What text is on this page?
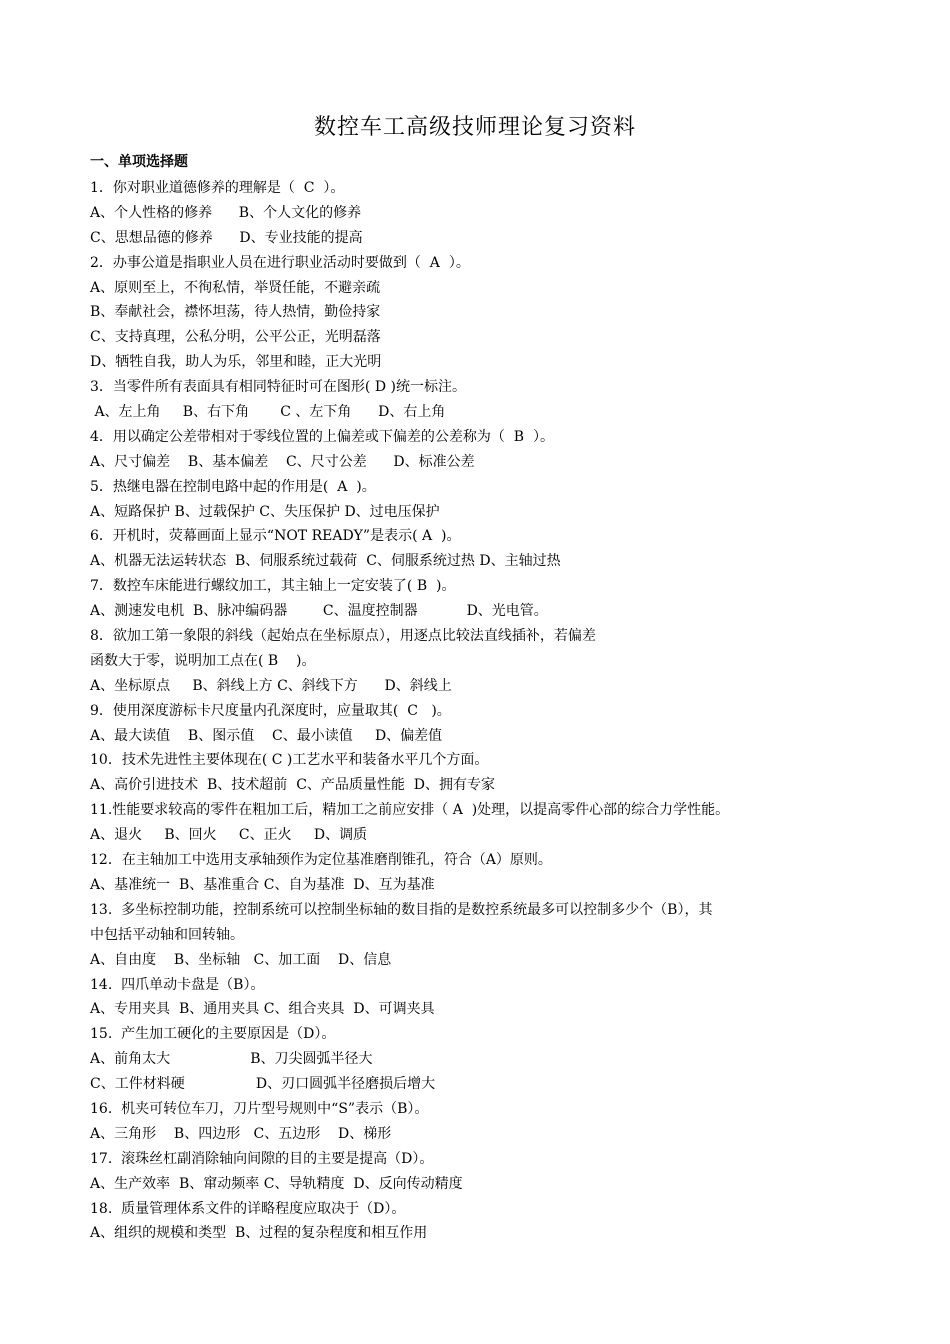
数控车工高级技师理论复习资料
一、单项选择题
1．你对职业道德修养的理解是（  C  ）。
A、个人性格的修养      B、个人文化的修养
C、思想品德的修养      D、专业技能的提高
2．办事公道是指职业人员在进行职业活动时要做到（  A  ）。
A、原则至上，不徇私情，举贤任能，不避亲疏
B、奉献社会，襟怀坦荡，待人热情，勤俭持家
C、支持真理，公私分明，公平公正，光明磊落
D、牺牲自我，助人为乐，邻里和睦，正大光明
3．当零件所有表面具有相同特征时可在图形( D )统一标注。
A、左上角     B、右下角       C 、左下角      D、右上角
4．用以确定公差带相对于零线位置的上偏差或下偏差的公差称为（  B  ）。
A、尺寸偏差    B、基本偏差    C、尺寸公差      D、标准公差
5．热继电器在控制电路中起的作用是(  A  )。
A、短路保护 B、过载保护 C、失压保护 D、过电压保护
6．开机时，荧幕画面上显示“NOT READY”是表示( A  )。
A、机器无法运转状态  B、伺服系统过载荷  C、伺服系统过热 D、主轴过热
7．数控车床能进行螺纹加工，其主轴上一定安装了( B  )。
A、测速发电机  B、脉冲编码器        C、温度控制器           D、光电管。
8．欲加工第一象限的斜线（起始点在坐标原点），用逐点比较法直线插补，若偏差
函数大于零，说明加工点在( B    )。
A、坐标原点     B、斜线上方 C、斜线下方      D、斜线上
9．使用深度游标卡尺度量内孔深度时，应量取其(  C   )。
A、最大读值    B、图示值    C、最小读值     D、偏差值
10．技术先进性主要体现在( C )工艺水平和装备水平几个方面。
A、高价引进技术  B、技术超前  C、产品质量性能  D、拥有专家
11.性能要求较高的零件在粗加工后，精加工之前应安排（ A  )处理，以提高零件心部的综合力学性能。
A、退火     B、回火     C、正火     D、调质
12．在主轴加工中选用支承轴颈作为定位基准磨削锥孔，符合（A）原则。
A、基准统一  B、基准重合 C、自为基准  D、互为基准
13.  多坐标控制功能，控制系统可以控制坐标轴的数目指的是数控系统最多可以控制多少个（B），其
中包括平动轴和回转轴。
A、自由度    B、坐标轴   C、加工面    D、信息
14.  四爪单动卡盘是（B）。
A、专用夹具  B、通用夹具 C、组合夹具  D、可调夹具
15.  产生加工硬化的主要原因是（D）。
A、前角太大                  B、刀尖圆弧半径大
C、工件材料硬                D、刃口圆弧半径磨损后增大
16.  机夹可转位车刀，刀片型号规则中“S”表示（B）。
A、三角形    B、四边形   C、五边形    D、梯形
17.  滚珠丝杠副消除轴向间隙的目的主要是提高（D）。
A、生产效率  B、窜动频率 C、导轨精度  D、反向传动精度
18.  质量管理体系文件的详略程度应取决于（D）。
A、组织的规模和类型  B、过程的复杂程度和相互作用
